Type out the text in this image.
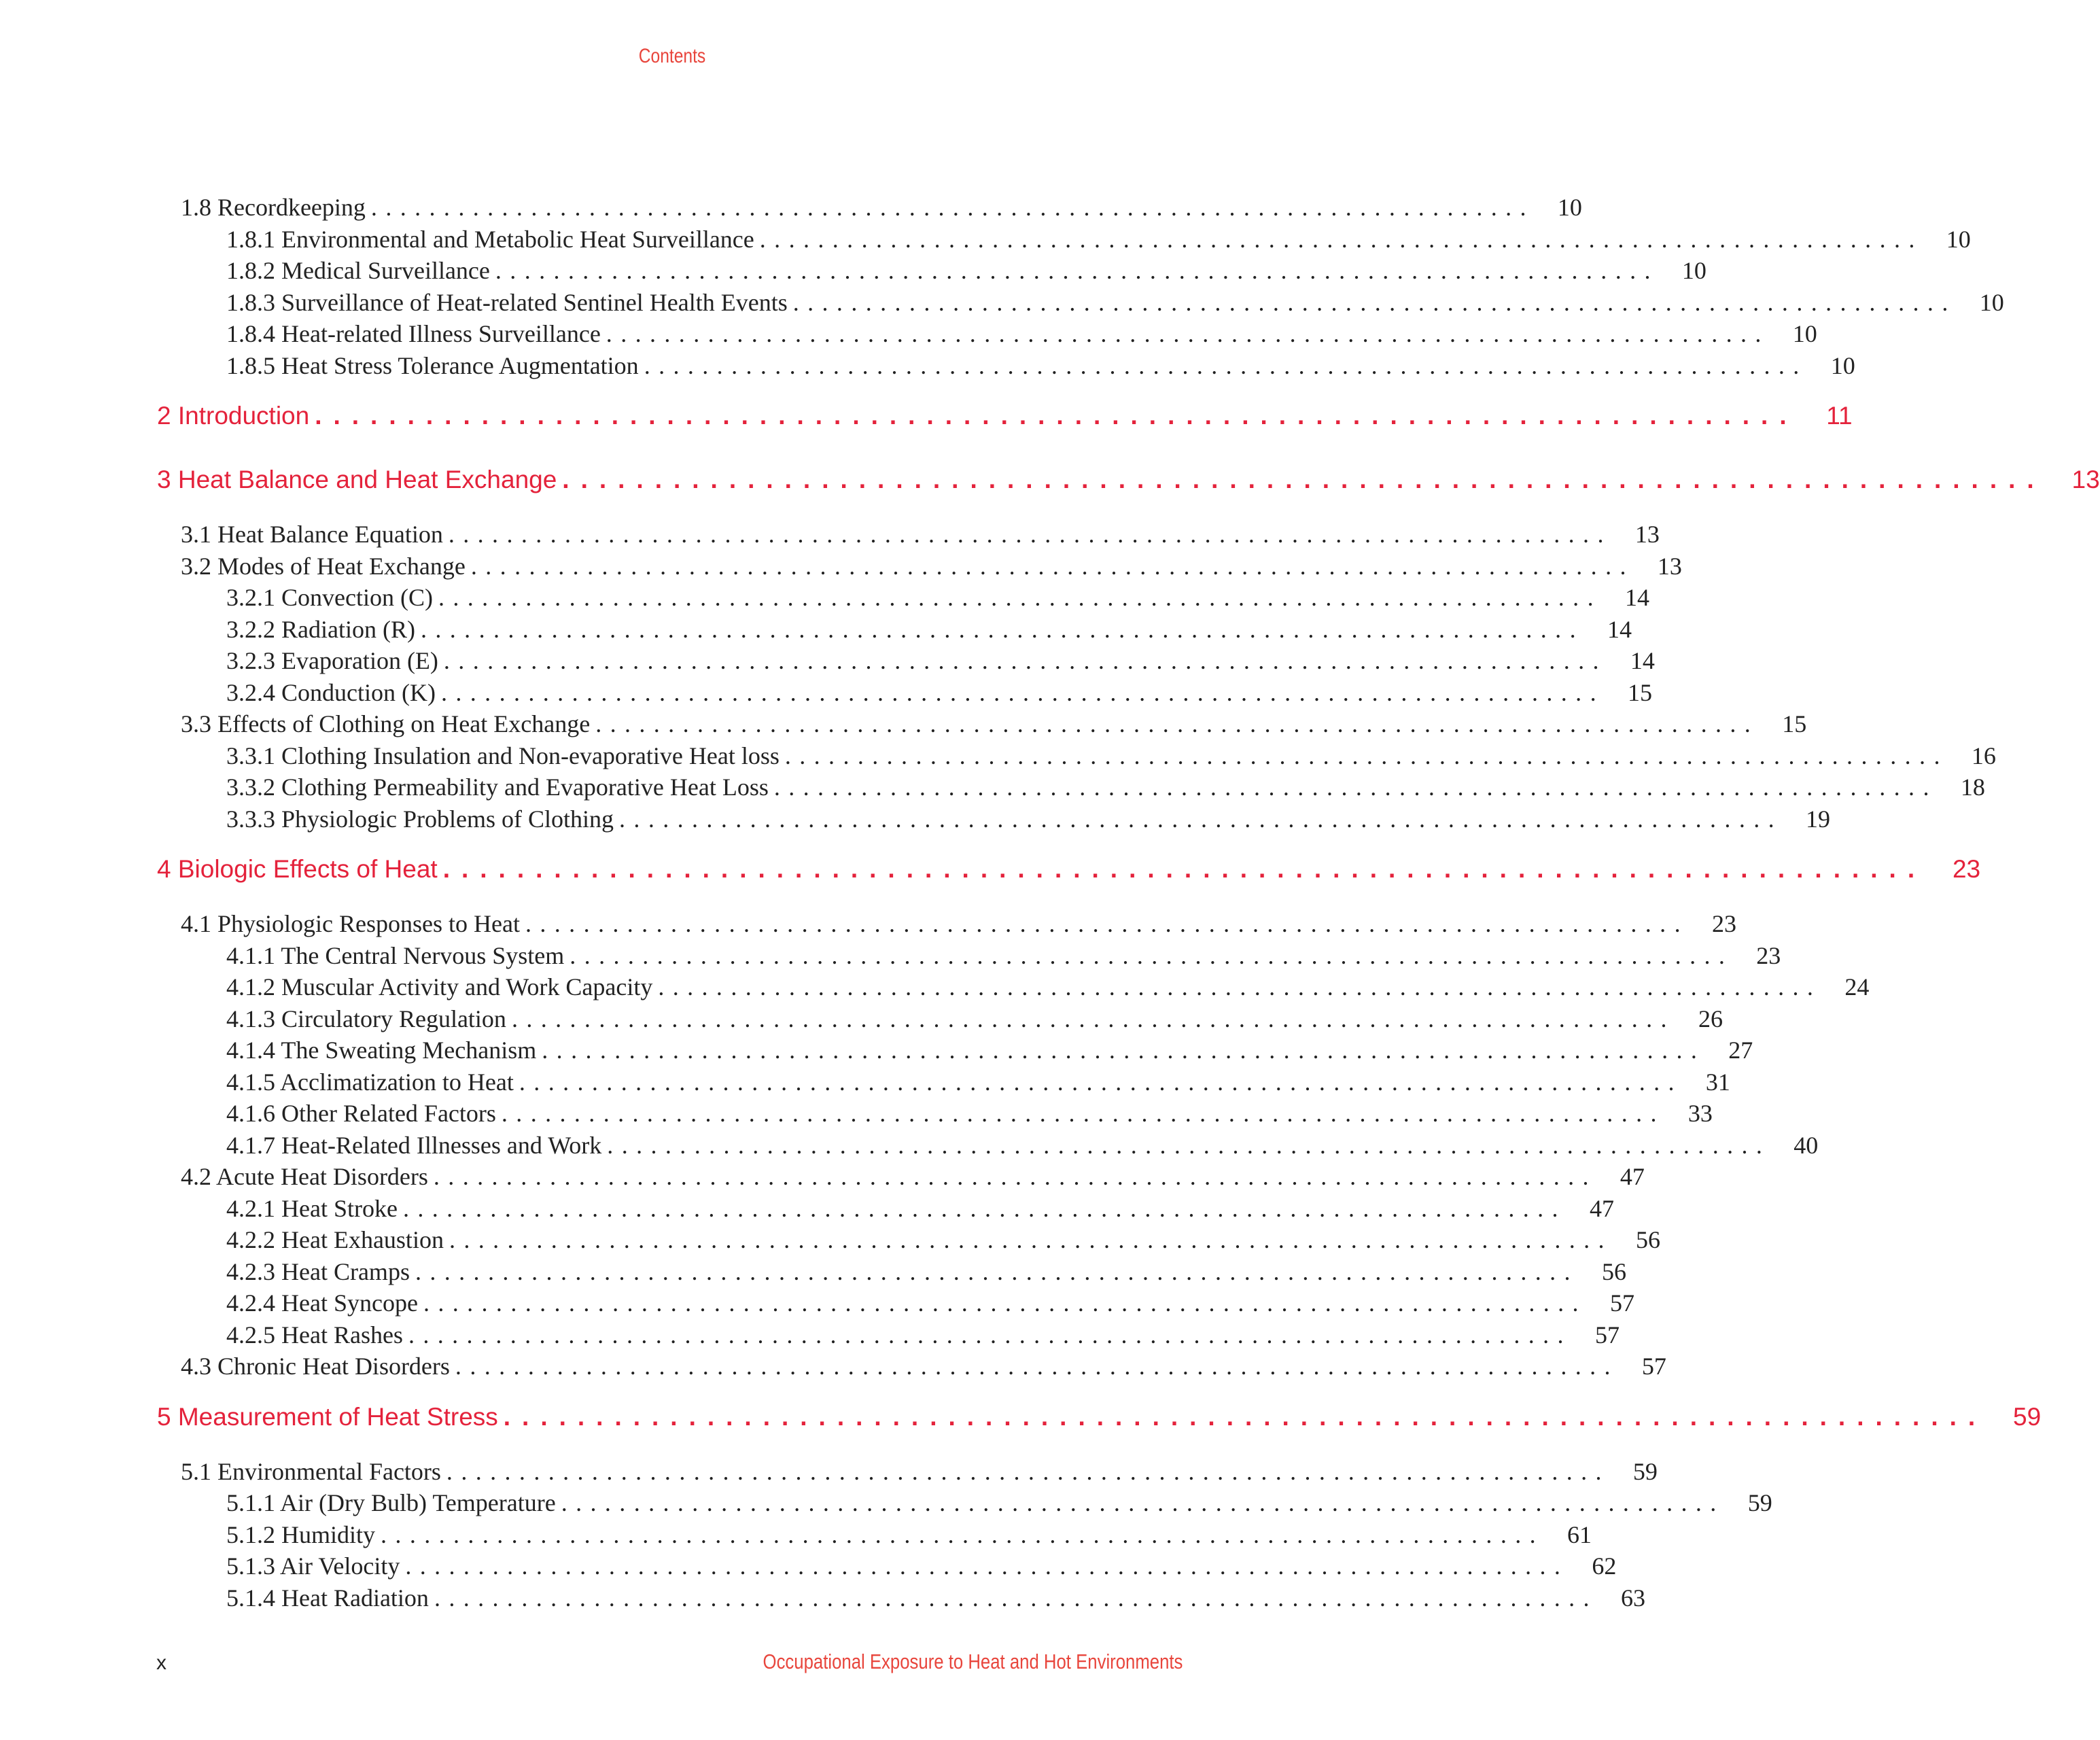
Contents
1.8 Recordkeeping ................................................................................ 10
1.8.1 Environmental and Metabolic Heat Surveillance ................................................................................ 10
1.8.2 Medical Surveillance ................................................................................ 10
1.8.3 Surveillance of Heat-related Sentinel Health Events ................................................................................ 10
1.8.4 Heat-related Illness Surveillance ................................................................................ 10
1.8.5 Heat Stress Tolerance Augmentation ................................................................................ 10
2 Introduction ................................................................................	11
3 Heat Balance and Heat Exchange ................................................................................	13
3.1 Heat Balance Equation ................................................................................ 13
3.2 Modes of Heat Exchange ................................................................................ 13
3.2.1 Convection (C) ................................................................................ 14
3.2.2 Radiation (R) ................................................................................ 14
3.2.3 Evaporation (E) ................................................................................ 14
3.2.4 Conduction (K) ................................................................................ 15
3.3 Effects of Clothing on Heat Exchange ................................................................................ 15
3.3.1 Clothing Insulation and Non-evaporative Heat loss ................................................................................ 16
3.3.2 Clothing Permeability and Evaporative Heat Loss ................................................................................ 18
3.3.3 Physiologic Problems of Clothing ................................................................................ 19
4 Biologic Effects of Heat ................................................................................	23
4.1 Physiologic Responses to Heat ................................................................................ 23
4.1.1 The Central Nervous System ................................................................................ 23
4.1.2 Muscular Activity and Work Capacity ................................................................................ 24
4.1.3 Circulatory Regulation ................................................................................ 26
4.1.4 The Sweating Mechanism ................................................................................ 27
4.1.5 Acclimatization to Heat ................................................................................ 31
4.1.6 Other Related Factors ................................................................................ 33
4.1.7 Heat-Related Illnesses and Work ................................................................................ 40
4.2 Acute Heat Disorders ................................................................................ 47
4.2.1 Heat Stroke ................................................................................ 47
4.2.2 Heat Exhaustion ................................................................................ 56
4.2.3 Heat Cramps ................................................................................ 56
4.2.4 Heat Syncope ................................................................................ 57
4.2.5 Heat Rashes ................................................................................ 57
4.3 Chronic Heat Disorders ................................................................................ 57
5 Measurement of Heat Stress ................................................................................	59
5.1 Environmental Factors ................................................................................ 59
5.1.1 Air (Dry Bulb) Temperature ................................................................................ 59
5.1.2 Humidity ................................................................................ 61
5.1.3 Air Velocity ................................................................................ 62
5.1.4 Heat Radiation ................................................................................ 63
x	Occupational Exposure to Heat and Hot Environments
